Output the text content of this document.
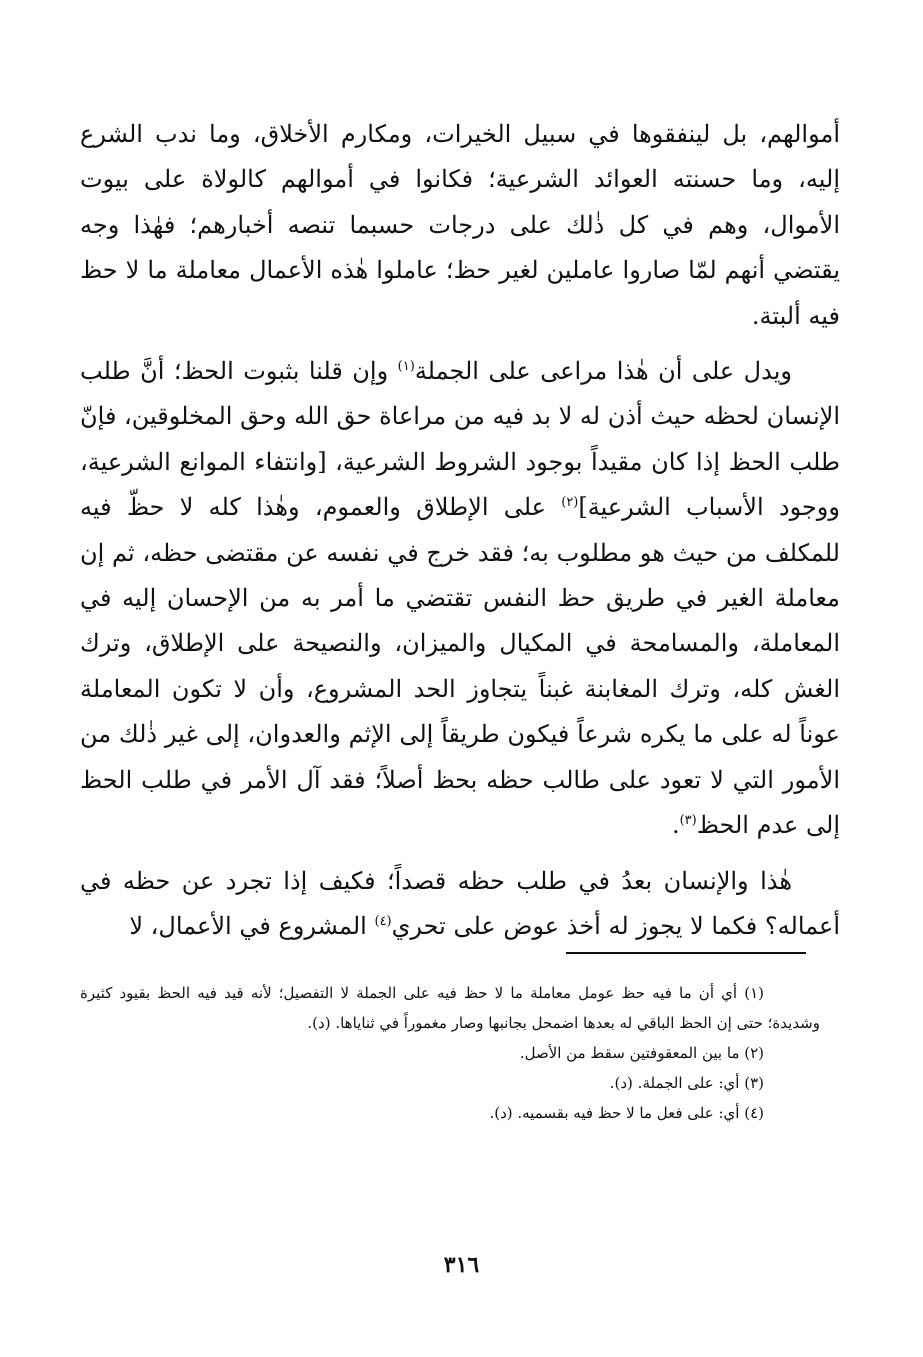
أموالهم، بل لينفقوها في سبيل الخيرات، ومكارم الأخلاق، وما ندب الشرع إليه، وما حسنته العوائد الشرعية؛ فكانوا في أموالهم كالولاة على بيوت الأموال، وهم في كل ذٰلك على درجات حسبما تنصه أخبارهم؛ فهٰذا وجه يقتضي أنهم لمّا صاروا عاملين لغير حظ؛ عاملوا هٰذه الأعمال معاملة ما لا حظ فيه ألبتة.

ويدل على أن هٰذا مراعى على الجملة$^{(١)}$ وإن قلنا بثبوت الحظ؛ أنَّ طلب الإنسان لحظه حيث أذن له لا بد فيه من مراعاة حق الله وحق المخلوقين، فإنّ طلب الحظ إذا كان مقيداً بوجود الشروط الشرعية، [وانتفاء الموانع الشرعية، ووجود الأسباب الشرعية]$^{(٢)}$ على الإطلاق والعموم، وهٰذا كله لا حظّ فيه للمكلف من حيث هو مطلوب به؛ فقد خرج في نفسه عن مقتضى حظه، ثم إن معاملة الغير في طريق حظ النفس تقتضي ما أمر به من الإحسان إليه في المعاملة، والمسامحة في المكيال والميزان، والنصيحة على الإطلاق، وترك الغش كله، وترك المغابنة غبناً يتجاوز الحد المشروع، وأن لا تكون المعاملة عوناً له على ما يكره شرعاً فيكون طريقاً إلى الإثم والعدوان، إلى غير ذٰلك من الأمور التي لا تعود على طالب حظه بحظ أصلاً؛ فقد آل الأمر في طلب الحظ إلى عدم الحظ$^{(٣)}$.

هٰذا والإنسان بعدُ في طلب حظه قصداً؛ فكيف إذا تجرد عن حظه في أعماله؟ فكما لا يجوز له أخذ عوض على تحري$^{(٤)}$ المشروع في الأعمال، لا

(١) أي أن ما فيه حظ عومل معاملة ما لا حظ فيه على الجملة لا التفصيل؛ لأنه قيد فيه الحظ بقيود كثيرة وشديدة؛ حتى إن الحظ الباقي له بعدها اضمحل بجانبها وصار مغموراً في ثناياها. (د).

(٢) ما بين المعقوفتين سقط من الأصل.

(٣) أي: على الجملة. (د).

(٤) أي: على فعل ما لا حظ فيه بقسميه. (د).

٣١٦
